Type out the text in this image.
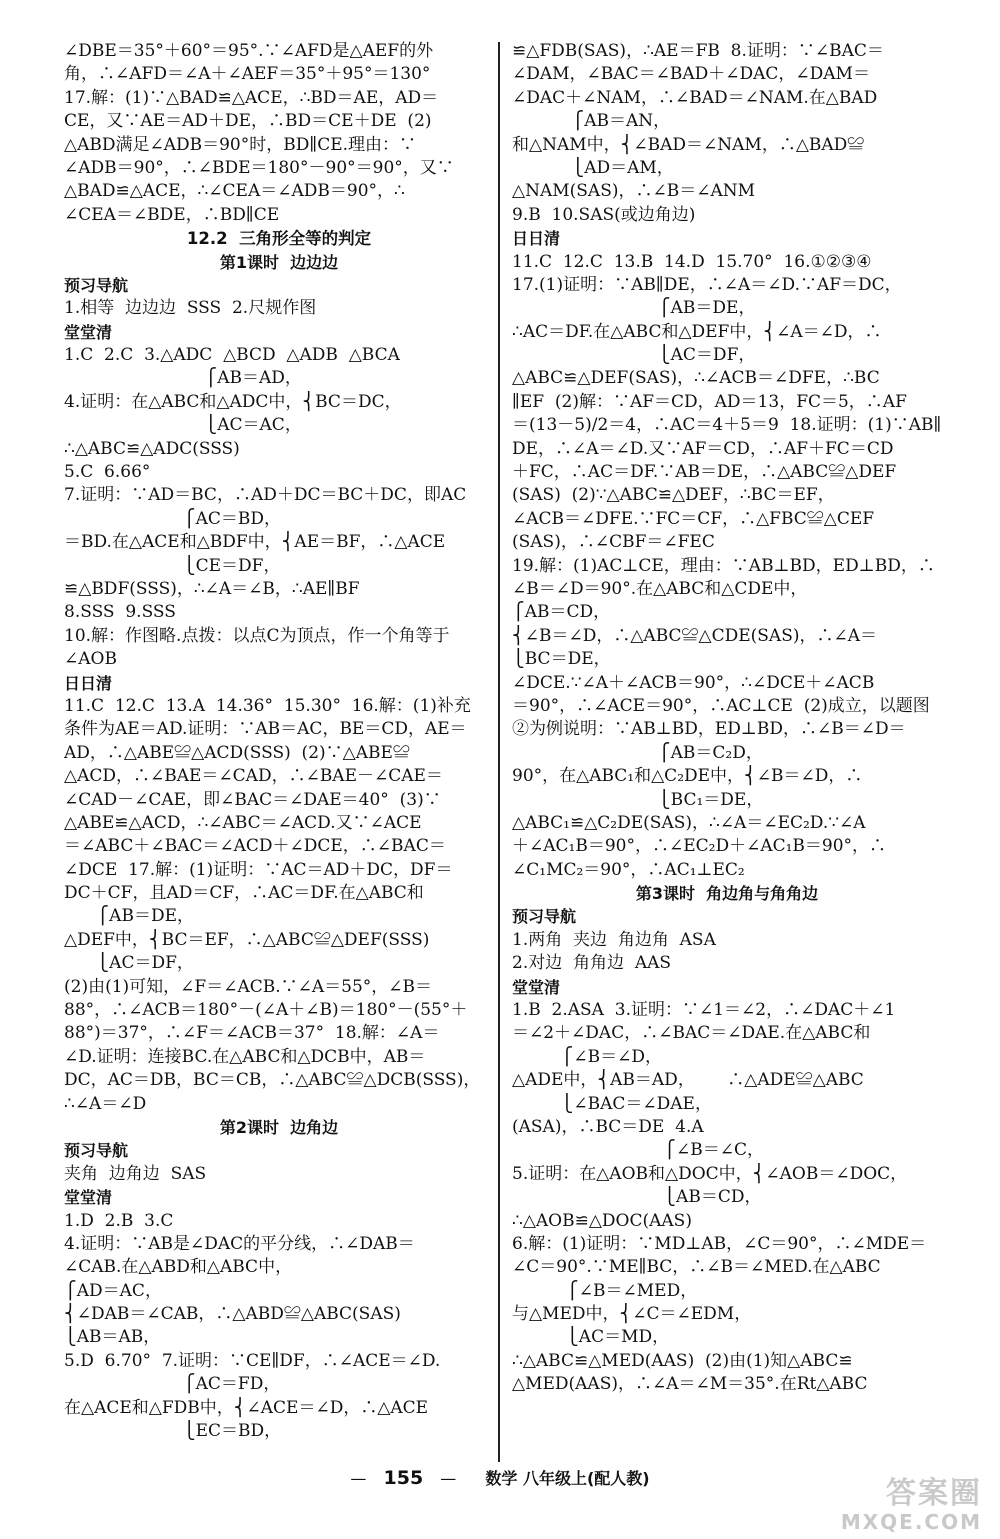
∠DBE＝35°＋60°＝95°.∵∠AFD是△AEF的外
角，∴∠AFD＝∠A＋∠AEF＝35°＋95°＝130°
17.解：(1)∵△BAD≌△ACE，∴BD＝AE，AD＝
CE，又∵AE＝AD＋DE，∴BD＝CE＋DE  (2)
△ABD满足∠ADB＝90°时，BD∥CE.理由：∵
∠ADB＝90°，∴∠BDE＝180°－90°＝90°，又∵
△BAD≌△ACE，∴∠CEA＝∠ADB＝90°，∴
∠CEA＝∠BDE，∴BD∥CE
12.2  三角形全等的判定
第1课时  边边边
预习导航
1.相等  边边边  SSS  2.尺规作图
堂堂清
1.C  2.C  3.△ADC  △BCD  △ADB  △BCA
⎧AB＝AD，
4.证明：在△ABC和△ADC中，⎨BC＝DC，
⎩AC＝AC，
∴△ABC≌△ADC(SSS)
5.C  6.66°
7.证明：∵AD＝BC，∴AD＋DC＝BC＋DC，即AC
⎧AC＝BD，
＝BD.在△ACE和△BDF中，⎨AE＝BF，∴△ACE
⎩CE＝DF，
≌△BDF(SSS)，∴∠A＝∠B，∴AE∥BF
8.SSS  9.SSS
10.解：作图略.点拨：以点C为顶点，作一个角等于
∠AOB
日日清
11.C  12.C  13.A  14.36°  15.30°  16.解：(1)补充
条件为AE＝AD.证明：∵AB＝AC，BE＝CD，AE＝
AD，∴△ABE≌△ACD(SSS)  (2)∵△ABE≌
△ACD，∴∠BAE＝∠CAD，∴∠BAE－∠CAE＝
∠CAD－∠CAE，即∠BAC＝∠DAE＝40°  (3)∵
△ABE≌△ACD，∴∠ABC＝∠ACD.又∵∠ACE
＝∠ABC＋∠BAC＝∠ACD＋∠DCE，∴∠BAC＝
∠DCE  17.解：(1)证明：∵AC＝AD＋DC，DF＝
DC＋CF，且AD＝CF，∴AC＝DF.在△ABC和
⎧AB＝DE，
△DEF中，⎨BC＝EF，∴△ABC≌△DEF(SSS)
⎩AC＝DF，
(2)由(1)可知，∠F＝∠ACB.∵∠A＝55°，∠B＝
88°，∴∠ACB＝180°－(∠A＋∠B)＝180°－(55°＋
88°)＝37°，∴∠F＝∠ACB＝37°  18.解：∠A＝
∠D.证明：连接BC.在△ABC和△DCB中，AB＝
DC，AC＝DB，BC＝CB，∴△ABC≌△DCB(SSS)，
∴∠A＝∠D
第2课时  边角边
预习导航
夹角  边角边  SAS
堂堂清
1.D  2.B  3.C
4.证明：∵AB是∠DAC的平分线，∴∠DAB＝
∠CAB.在△ABD和△ABC中，
⎧AD＝AC，
⎨∠DAB＝∠CAB，∴△ABD≌△ABC(SAS)
⎩AB＝AB，
5.D  6.70°  7.证明：∵CE∥DF，∴∠ACE＝∠D.
⎧AC＝FD，
在△ACE和△FDB中，⎨∠ACE＝∠D，∴△ACE
⎩EC＝BD，
≌△FDB(SAS)，∴AE＝FB  8.证明：∵∠BAC＝
∠DAM，∠BAC＝∠BAD＋∠DAC，∠DAM＝
∠DAC＋∠NAM，∴∠BAD＝∠NAM.在△BAD
⎧AB＝AN，
和△NAM中，⎨∠BAD＝∠NAM，∴△BAD≌
⎩AD＝AM，
△NAM(SAS)，∴∠B＝∠ANM
9.B  10.SAS(或边角边)
日日清
11.C  12.C  13.B  14.D  15.70°  16.①②③④
17.(1)证明：∵AB∥DE，∴∠A＝∠D.∵AF＝DC，
⎧AB＝DE，
∴AC＝DF.在△ABC和△DEF中，⎨∠A＝∠D，∴
⎩AC＝DF，
△ABC≌△DEF(SAS)，∴∠ACB＝∠DFE，∴BC
∥EF  (2)解：∵AF＝CD，AD＝13，FC＝5，∴AF
＝(13－5)/2＝4，∴AC＝4＋5＝9  18.证明：(1)∵AB∥
DE，∴∠A＝∠D.又∵AF＝CD，∴AF＋FC＝CD
＋FC，∴AC＝DF.∵AB＝DE，∴△ABC≌△DEF
(SAS)  (2)∵△ABC≌△DEF，∴BC＝EF，
∠ACB＝∠DFE.∵FC＝CF，∴△FBC≌△CEF
(SAS)，∴∠CBF＝∠FEC
19.解：(1)AC⊥CE，理由：∵AB⊥BD，ED⊥BD，∴
∠B＝∠D＝90°.在△ABC和△CDE中，
⎧AB＝CD，
⎨∠B＝∠D，∴△ABC≌△CDE(SAS)，∴∠A＝
⎩BC＝DE，
∠DCE.∵∠A＋∠ACB＝90°，∴∠DCE＋∠ACB
＝90°，∴∠ACE＝90°，∴AC⊥CE  (2)成立，以题图
②为例说明：∵AB⊥BD，ED⊥BD，∴∠B＝∠D＝
⎧AB＝C₂D，
90°，在△ABC₁和△C₂DE中，⎨∠B＝∠D，∴
⎩BC₁＝DE，
△ABC₁≌△C₂DE(SAS)，∴∠A＝∠EC₂D.∵∠A
＋∠AC₁B＝90°，∴∠EC₂D＋∠AC₁B＝90°，∴
∠C₁MC₂＝90°，∴AC₁⊥EC₂
第3课时  角边角与角角边
预习导航
1.两角  夹边  角边角  ASA
2.对边  角角边  AAS
堂堂清
1.B  2.ASA  3.证明：∵∠1＝∠2，∴∠DAC＋∠1
＝∠2＋∠DAC，∴∠BAC＝∠DAE.在△ABC和
⎧∠B＝∠D，
△ADE中，⎨AB＝AD，      ∴△ADE≌△ABC
⎩∠BAC＝∠DAE，
(ASA)，∴BC＝DE  4.A
⎧∠B＝∠C，
5.证明：在△AOB和△DOC中，⎨∠AOB＝∠DOC，
⎩AB＝CD，
∴△AOB≌△DOC(AAS)
6.解：(1)证明：∵MD⊥AB，∠C＝90°，∴∠MDE＝
∠C＝90°.∵ME∥BC，∴∠B＝∠MED.在△ABC
⎧∠B＝∠MED，
与△MED中，⎨∠C＝∠EDM，
⎩AC＝MD，
∴△ABC≌△MED(AAS)  (2)由(1)知△ABC≌
△MED(AAS)，∴∠A＝∠M＝35°.在Rt△ABC
— 155 — 数学 八年级上(配人教)	答案圈
MXQE.COM
